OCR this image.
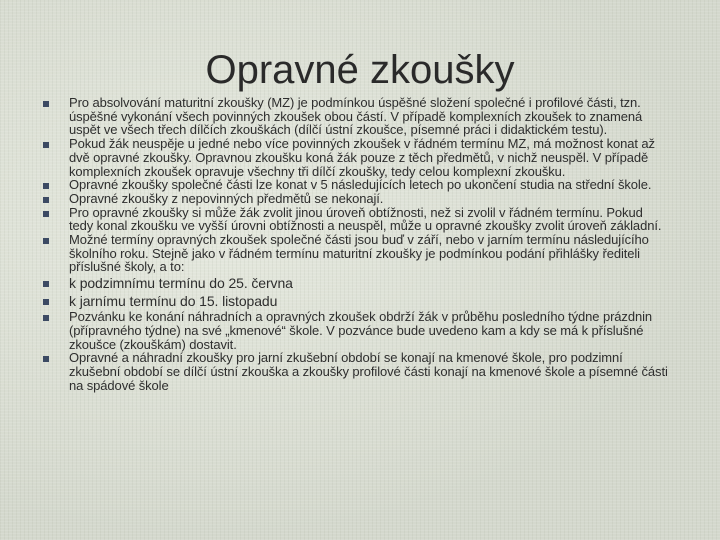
Opravné zkoušky
Pro absolvování maturitní zkoušky (MZ) je podmínkou úspěšné složení společné i profilové části, tzn. úspěšné vykonání všech povinných zkoušek obou částí. V případě komplexních zkoušek to znamená uspět ve všech třech dílčích zkouškách (dílčí ústní zkoušce, písemné práci i didaktickém testu).
Pokud žák neuspěje u jedné nebo více povinných zkoušek v řádném termínu MZ, má možnost konat až dvě opravné zkoušky. Opravnou zkoušku koná žák pouze z těch předmětů, v nichž neuspěl. V případě komplexních zkoušek opravuje všechny tři dílčí zkoušky, tedy celou komplexní zkoušku.
Opravné zkoušky společné části lze konat v 5 následujících letech po ukončení studia na střední škole.
Opravné zkoušky z nepovinných předmětů se nekonají.
Pro opravné zkoušky si může žák zvolit jinou úroveň obtížnosti, než si zvolil v řádném termínu. Pokud tedy konal zkoušku ve vyšší úrovni obtížnosti a neuspěl, může u opravné zkoušky zvolit úroveň základní.
Možné termíny opravných zkoušek společné části jsou buď v září, nebo v jarním termínu následujícího školního roku. Stejně jako v řádném termínu maturitní zkoušky je podmínkou podání přihlášky řediteli příslušné školy, a to:
k podzimnímu termínu do 25. června
k jarnímu termínu do 15. listopadu
Pozvánku ke konání náhradních a opravných zkoušek obdrží žák v průběhu posledního týdne prázdnin (přípravného týdne) na své „kmenové“ škole. V pozvánce bude uvedeno kam a kdy se má k příslušné zkoušce (zkouškám) dostavit.
Opravné a náhradní zkoušky pro jarní zkušební období se konají na kmenové škole, pro podzimní zkušební období se dílčí ústní zkouška a zkoušky profilové části konají na kmenové škole a písemné části na spádové škole
